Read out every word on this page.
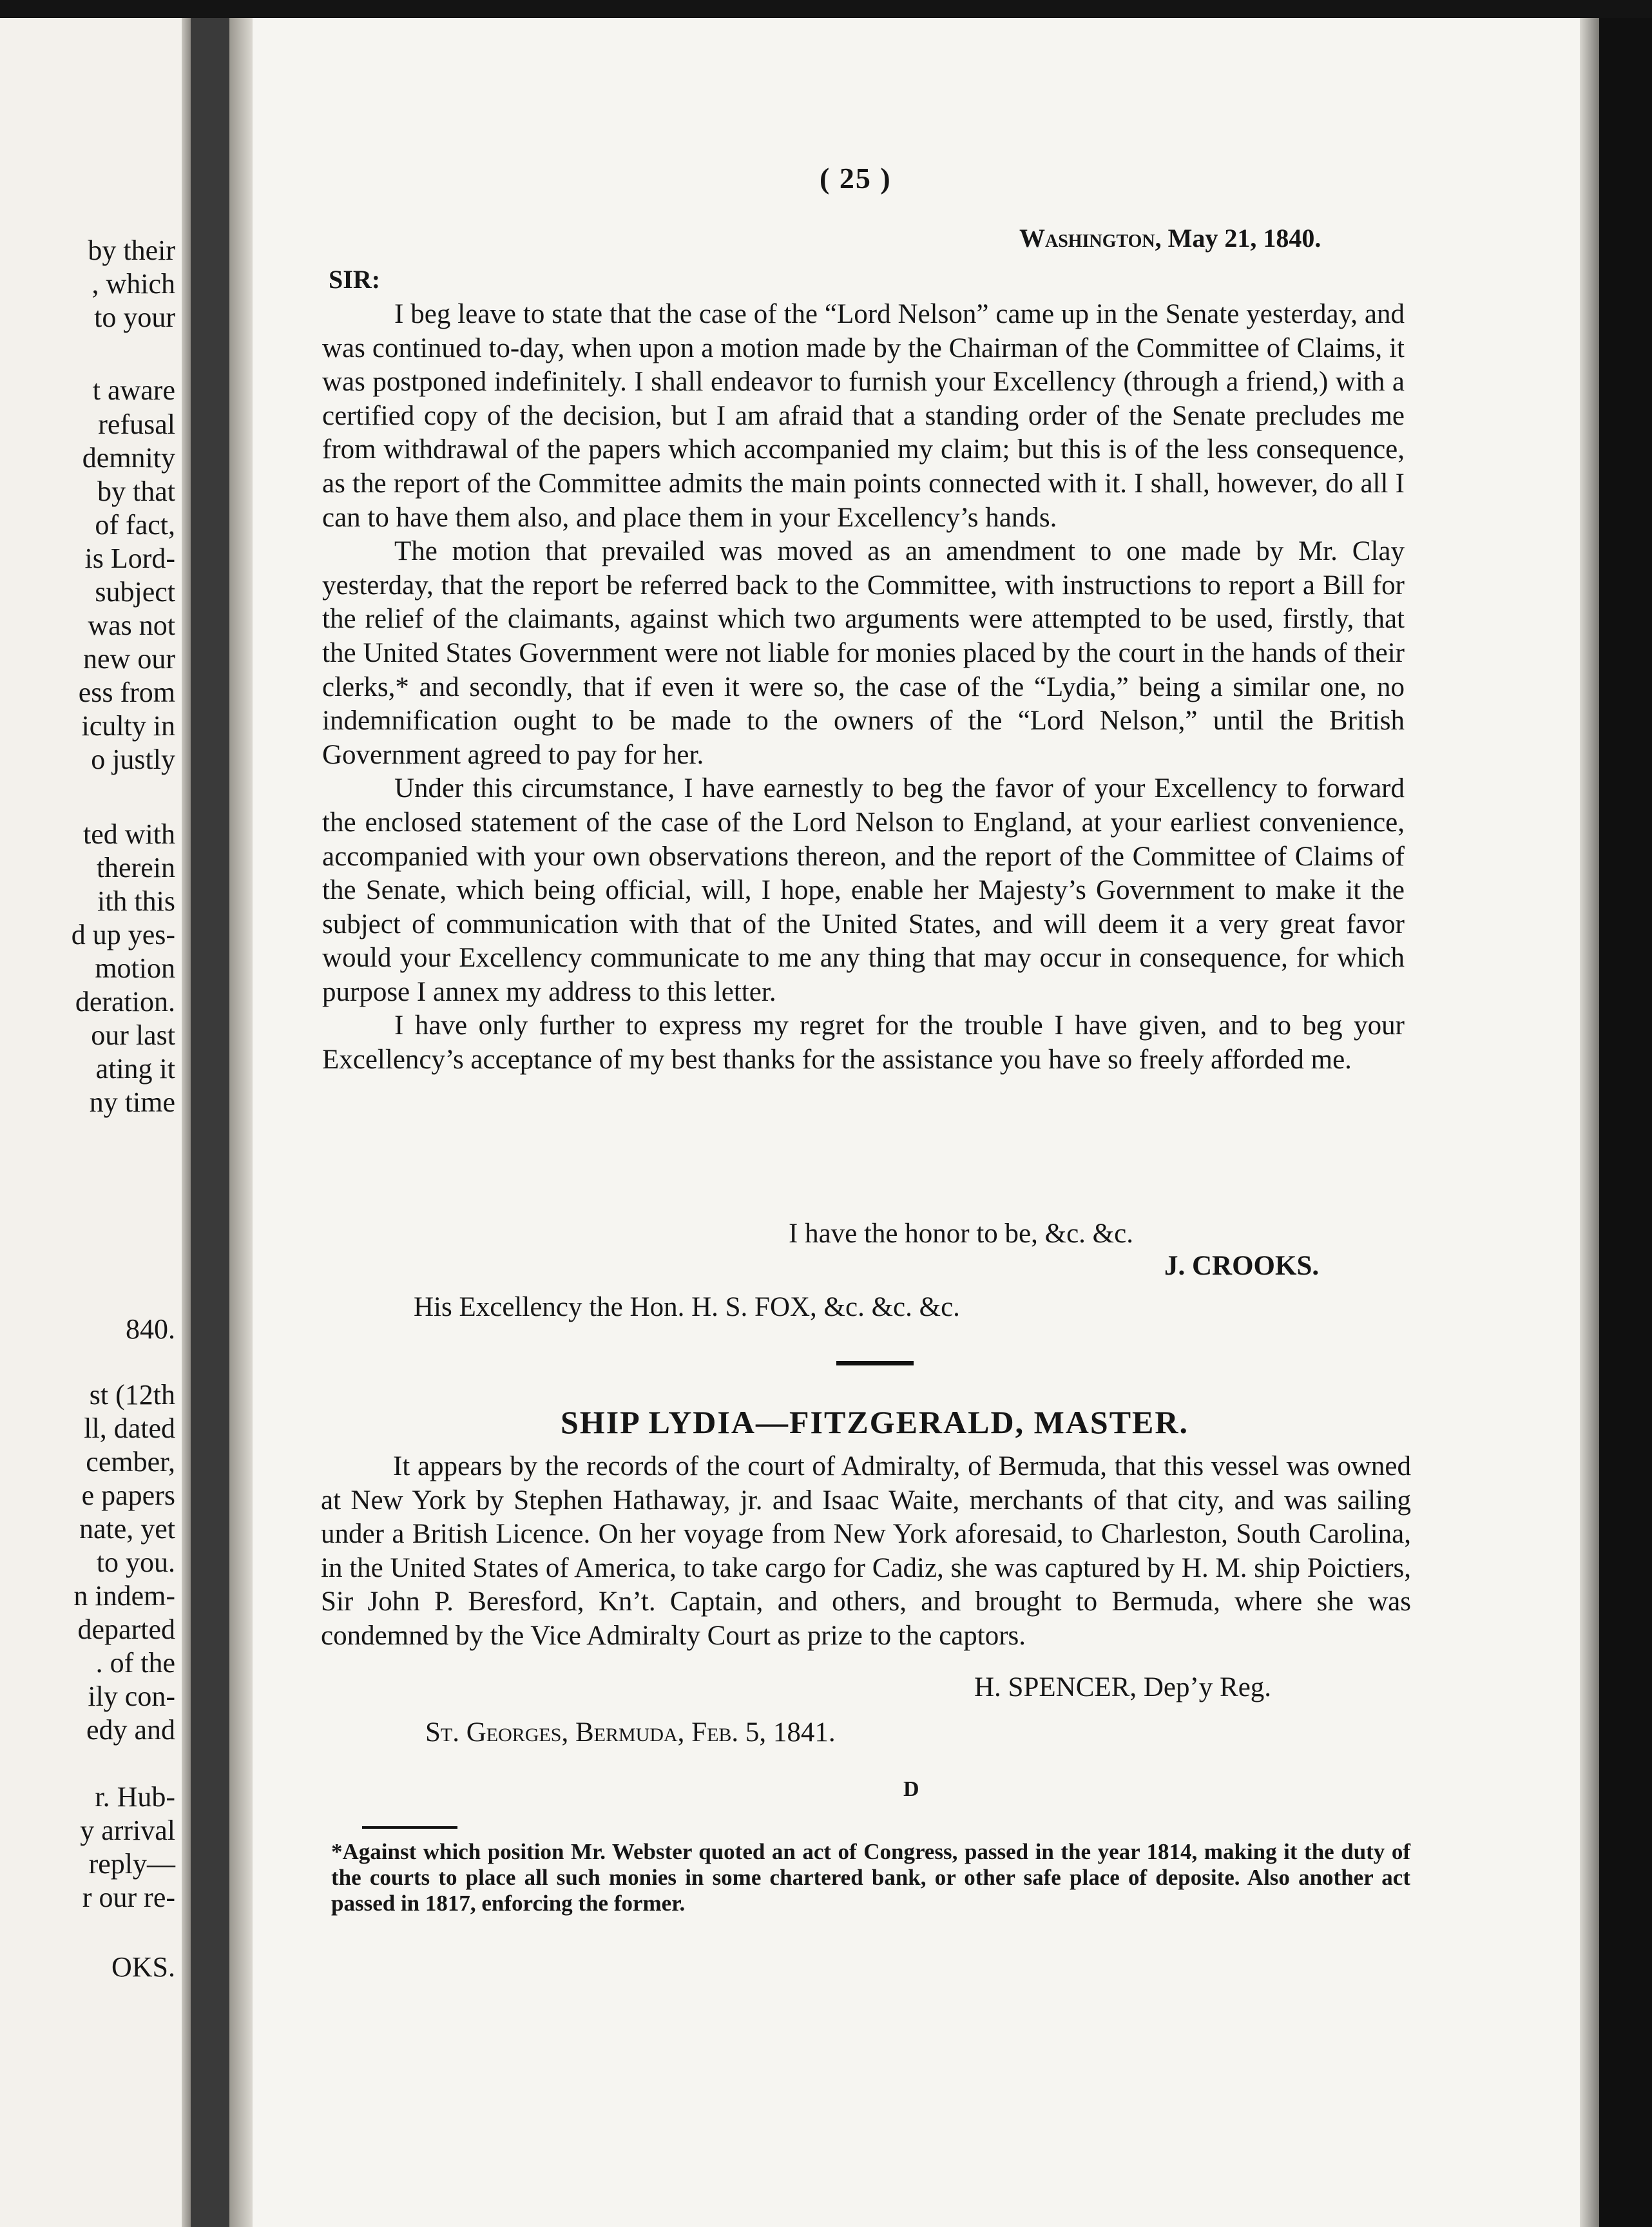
by their
, which
to your
t aware
refusal
demnity
by that
of fact,
is Lord-
subject
was not
new our
ess from
iculty in
o justly
ted with
therein
ith this
d up yes-
motion
deration.
our last
ating it
ny time
840.
st (12th
ll, dated
cember,
e papers
nate, yet
to you.
n indem-
departed
. of the
ily con-
edy and
r. Hub-
y arrival
reply—
r our re-
OKS.
( 25 )
Washington, May 21, 1840.
SIR:

I beg leave to state that the case of the “Lord Nelson” came up in the Senate yesterday, and was continued to-day, when upon a motion made by the Chairman of the Committee of Claims, it was postponed indefinitely. I shall endeavor to furnish your Excellency (through a friend,) with a certified copy of the decision, but I am afraid that a standing order of the Senate precludes me from withdrawal of the papers which accompanied my claim; but this is of the less consequence, as the report of the Committee admits the main points connected with it. I shall, however, do all I can to have them also, and place them in your Excellency’s hands.

The motion that prevailed was moved as an amendment to one made by Mr. Clay yesterday, that the report be referred back to the Committee, with instructions to report a Bill for the relief of the claimants, against which two arguments were attempted to be used, firstly, that the United States Government were not liable for monies placed by the court in the hands of their clerks,* and secondly, that if even it were so, the case of the “Lydia,” being a similar one, no indemnification ought to be made to the owners of the “Lord Nelson,” until the British Government agreed to pay for her.

Under this circumstance, I have earnestly to beg the favor of your Excellency to forward the enclosed statement of the case of the Lord Nelson to England, at your earliest convenience, accompanied with your own observations thereon, and the report of the Committee of Claims of the Senate, which being official, will, I hope, enable her Majesty’s Government to make it the subject of communication with that of the United States, and will deem it a very great favor would your Excellency communicate to me any thing that may occur in consequence, for which purpose I annex my address to this letter.

I have only further to express my regret for the trouble I have given, and to beg your Excellency’s acceptance of my best thanks for the assistance you have so freely afforded me.

I have the honor to be, &c. &c.
J. CROOKS.
His Excellency the Hon. H. S. FOX, &c. &c. &c.
SHIP LYDIA—FITZGERALD, MASTER.

It appears by the records of the court of Admiralty, of Bermuda, that this vessel was owned at New York by Stephen Hathaway, jr. and Isaac Waite, merchants of that city, and was sailing under a British Licence. On her voyage from New York aforesaid, to Charleston, South Carolina, in the United States of America, to take cargo for Cadiz, she was captured by H. M. ship Poictiers, Sir John P. Beresford, Kn’t. Captain, and others, and brought to Bermuda, where she was condemned by the Vice Admiralty Court as prize to the captors.

H. SPENCER, Dep’y Reg.
St. Georges, Bermuda, Feb. 5, 1841.
D
*Against which position Mr. Webster quoted an act of Congress, passed in the year 1814, making it the duty of the courts to place all such monies in some chartered bank, or other safe place of deposite. Also another act passed in 1817, enforcing the former.
